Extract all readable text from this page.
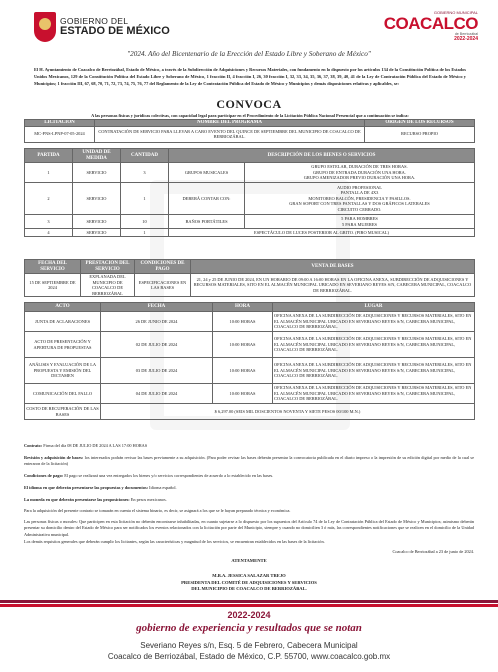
GOBIERNO DEL
ESTADO DE MÉXICO
GOBIERNO MUNICIPAL
COACALCO
de Berriozábal
2022-2024
"2024. Año del Bicentenario de la Erección del Estado Libre y Soberano de México"
El H. Ayuntamiento de Coacalco de Berriozábal, Estado de México, a través de la Subdirección de Adquisiciones y Recursos Materiales, con fundamento en lo dispuesto por los artículos 134 de la Constitución Política de los Estados Unidos Mexicanos, 129 de la Constitución Política del Estado Libre y Soberano de México, 1 fracción II, 4 fracción I, 26, 30 fracción I, 32, 33, 34, 35, 36, 37, 38, 39, 40, 41 de la Ley de Contratación Pública del Estado de México y Municipios; 1 fracción III, 67, 68, 70, 71, 72, 73, 74, 75, 76, 77 del Reglamento de la Ley de Contratación Pública del Estado de México y Municipios y demás disposiciones relativas y aplicables, se:
CONVOCA
A las personas físicas y jurídicas colectivas, con capacidad legal para participar en el Procedimiento de la Licitación Pública Nacional Presencial que a continuación se indica:
LICITACIÓN	NOMBRE DEL PROGRAMA	ORIGEN DE LOS RECURSOS
MC-PNS-LPNP-07-05-2024	CONTRATACIÓN DE SERVICIO PARA LLEVAR A CABO EVENTO DEL QUINCE DE SEPTIEMBRE DEL MUNICIPIO DE COACALCO DE BERRIOZÁBAL.	RECURSO PROPIO
PARTIDA	UNIDAD DE MEDIDA	CANTIDAD	DESCRIPCIÓN DE LOS BIENES O SERVICIOS	
1	SERVICIO	3	GRUPOS MUSICALES	GRUPO ESTELAR, DURACIÓN DE TRES HORAS.
GRUPO DE ENTRADA DURACIÓN UNA HORA.
GRUPO AMENIZADOR PREVIO DURACIÓN UNA HORA.

2	SERVICIO	1	DEBERÁ CONTAR CON:	AUDIO PROFESIONAL
PANTALLA DE 4X3
MONITOREO BALCÓN, PRESIDENCIA Y PASILLOS.
GRAN SOPORT CON TRES PANTALLAS Y DOS GRÁFICOS LATERALES
CIRCUITO CERRADO.

3	SERVICIO	10	BAÑOS PORTÁTILES	5 PARA HOMBRES
5 PARA MUJERES

4	SERVICIO	1	ESPECTÁCULO DE LUCES POSTERIOR AL GRITO. (PIRO MUSICAL)	
FECHA DEL SERVICIO	PRESTACIÓN DEL SERVICIO	CONDICIONES DE PAGO	VENTA DE BASES
15 DE SEPTIEMBRE DE 2024	EXPLANADA DEL MUNICIPIO DE COACALCO DE BERRIOZÁBAL	ESPECIFICACIONES EN LAS BASES	21, 24 y 25 DE JUNIO DE 2024, EN UN HORARIO DE 09:00 A 16:00 HORAS EN LA OFICINA ANEXA, SUBDIRECCIÓN DE ADQUISICIONES Y RECURSOS MATERIALES, SITO EN EL ALMACÉN MUNICIPAL UBICADO EN SEVERIANO REYES S/N, CABECERA MUNICIPAL, COACALCO DE BERRIOZÁBAL.
ACTO	FECHA	HORA	LUGAR
JUNTA DE ACLARACIONES	26 DE JUNIO DE 2024	10:00 HORAS	OFICINA ANEXA DE LA SUBDIRECCIÓN DE ADQUISICIONES Y RECURSOS MATERIALES, SITO EN EL ALMACÉN MUNICIPAL UBICADO EN SEVERIANO REYES S/N, CABECERA MUNICIPAL, COACALCO DE BERRIOZÁBAL.
ACTO DE PRESENTACIÓN Y APERTURA DE PROPUESTAS	02 DE JULIO DE 2024	10:00 HORAS	OFICINA ANEXA DE LA SUBDIRECCIÓN DE ADQUISICIONES Y RECURSOS MATERIALES, SITO EN EL ALMACÉN MUNICIPAL UBICADO EN SEVERIANO REYES S/N, CABECERA MUNICIPAL, COACALCO DE BERRIOZÁBAL.
ANÁLISIS Y EVALUACIÓN DE LA PROPUESTA Y EMISIÓN DEL DICTAMEN	03 DE JULIO DE 2024	10:00 HORAS	OFICINA ANEXA DE LA SUBDIRECCIÓN DE ADQUISICIONES Y RECURSOS MATERIALES, SITO EN EL ALMACÉN MUNICIPAL UBICADO EN SEVERIANO REYES S/N, CABECERA MUNICIPAL, COACALCO DE BERRIOZÁBAL.
COMUNICACIÓN DEL FALLO	04 DE JULIO DE 2024	10:00 HORAS	OFICINA ANEXA DE LA SUBDIRECCIÓN DE ADQUISICIONES Y RECURSOS MATERIALES, SITO EN EL ALMACÉN MUNICIPAL UBICADO EN SEVERIANO REYES S/N, CABECERA MUNICIPAL, COACALCO DE BERRIOZÁBAL.
COSTO DE RECUPERACIÓN DE LAS BASES	$ 6,297.00 (SEIS MIL DOSCIENTOS NOVENTA Y SIETE PESOS 00/100 M.N.)		
Contrato: Firma del día 08 DE JULIO DE 2024 A LAS 17:00 HORAS
Revisión y adquisición de bases: los interesados podrán revisar las bases previamente a su adquisición. (Para poder revisar las bases deberán presentar la convocatoria publicada en el diario impreso o la impresión de su edición digital por medio de la cual se enteraron de la licitación)
Condiciones de pago: El pago se realizará una vez entregados los bienes y/o servicios correspondientes de acuerdo a lo establecido en las bases.
El idioma en que deberán presentarse las propuestas y documentos: Idioma español.
La moneda en que deberán presentarse las proposiciones: En pesos mexicanos.
Para la adquisición del presente contrato se tomarán en cuenta el sistema binario, es decir, se asignará a los que se le hayan preparado técnica y económica.
Las personas físicas o morales: Que participen en esta licitación no deberán encontrarse inhabilitadas, en cuanto sujetarse a lo dispuesto por los supuestos del Artículo 74 de la Ley de Contratación Pública del Estado de México y Municipios; asimismo deberán presentar su domicilio dentro del Estado de México para ser notificados los eventos relacionados con la licitación por parte del Municipio, siempre y cuando no domicilien 3 ó más, las correspondientes notificaciones que se realicen en el domicilio de la Unidad Administrativa municipal.
Los demás requisitos generales que deberán cumplir los licitantes, según las características y magnitud de los servicios, se encuentran establecidos en las bases de la licitación.
Coacalco de Berriozábal a 23 de junio de 2024.
ATENTAMENTE
M.B.A. JESSICA SALAZAR TREJO
PRESIDENTA DEL COMITÉ DE ADQUISICIONES Y SERVICIOS
DEL MUNICIPIO DE COACALCO DE BERRIOZÁBAL.
2022-2024
gobierno de experiencia y resultados que se notan
Severiano Reyes s/n, Esq. 5 de Febrero, Cabecera Municipal
Coacalco de Berriozábal, Estado de México, C.P. 55700, www.coacalco.gob.mx
